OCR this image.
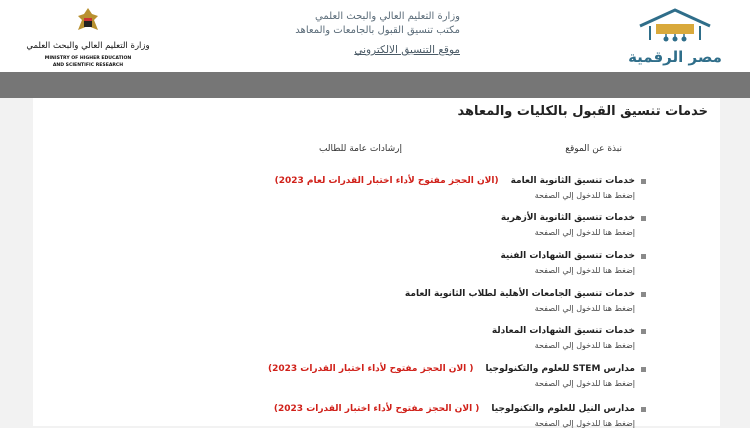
مصر الرقمية
وزارة التعليم العالي والبحث العلمي
مكتب تنسيق القبول بالجامعات والمعاهد
موقع التنسيق الالكتروني
وزارة التعليم العالي والبحث العلمي
MINISTRY OF HIGHER EDUCATION
AND SCIENTIFIC RESEARCH
خدمات تنسيق القبول بالكليات والمعاهد
نبذة عن الموقع
إرشادات عامة للطالب
خدمات تنسيق الثانوية العامة
(الان الحجز مفتوح لأداء اختبار القدرات لعام 2023)
إضغط هنا للدخول إلي الصفحة
خدمات تنسيق الثانوية الأزهرية
إضغط هنا للدخول إلي الصفحة
خدمات تنسيق الشهادات الفنية
إضغط هنا للدخول إلي الصفحة
خدمات تنسيق الجامعات الأهلية لطلاب الثانوية العامة
إضغط هنا للدخول إلي الصفحة
خدمات تنسيق الشهادات المعادلة
إضغط هنا للدخول إلي الصفحة
مدارس STEM للعلوم والتكنولوجيا
( الان الحجز مفتوح لأداء اختبار القدرات 2023)
إضغط هنا للدخول إلي الصفحة
مدارس النيل للعلوم والتكنولوجيا
( الان الحجز مفتوح لأداء اختبار القدرات 2023)
إضغط هنا للدخول إلي الصفحة
